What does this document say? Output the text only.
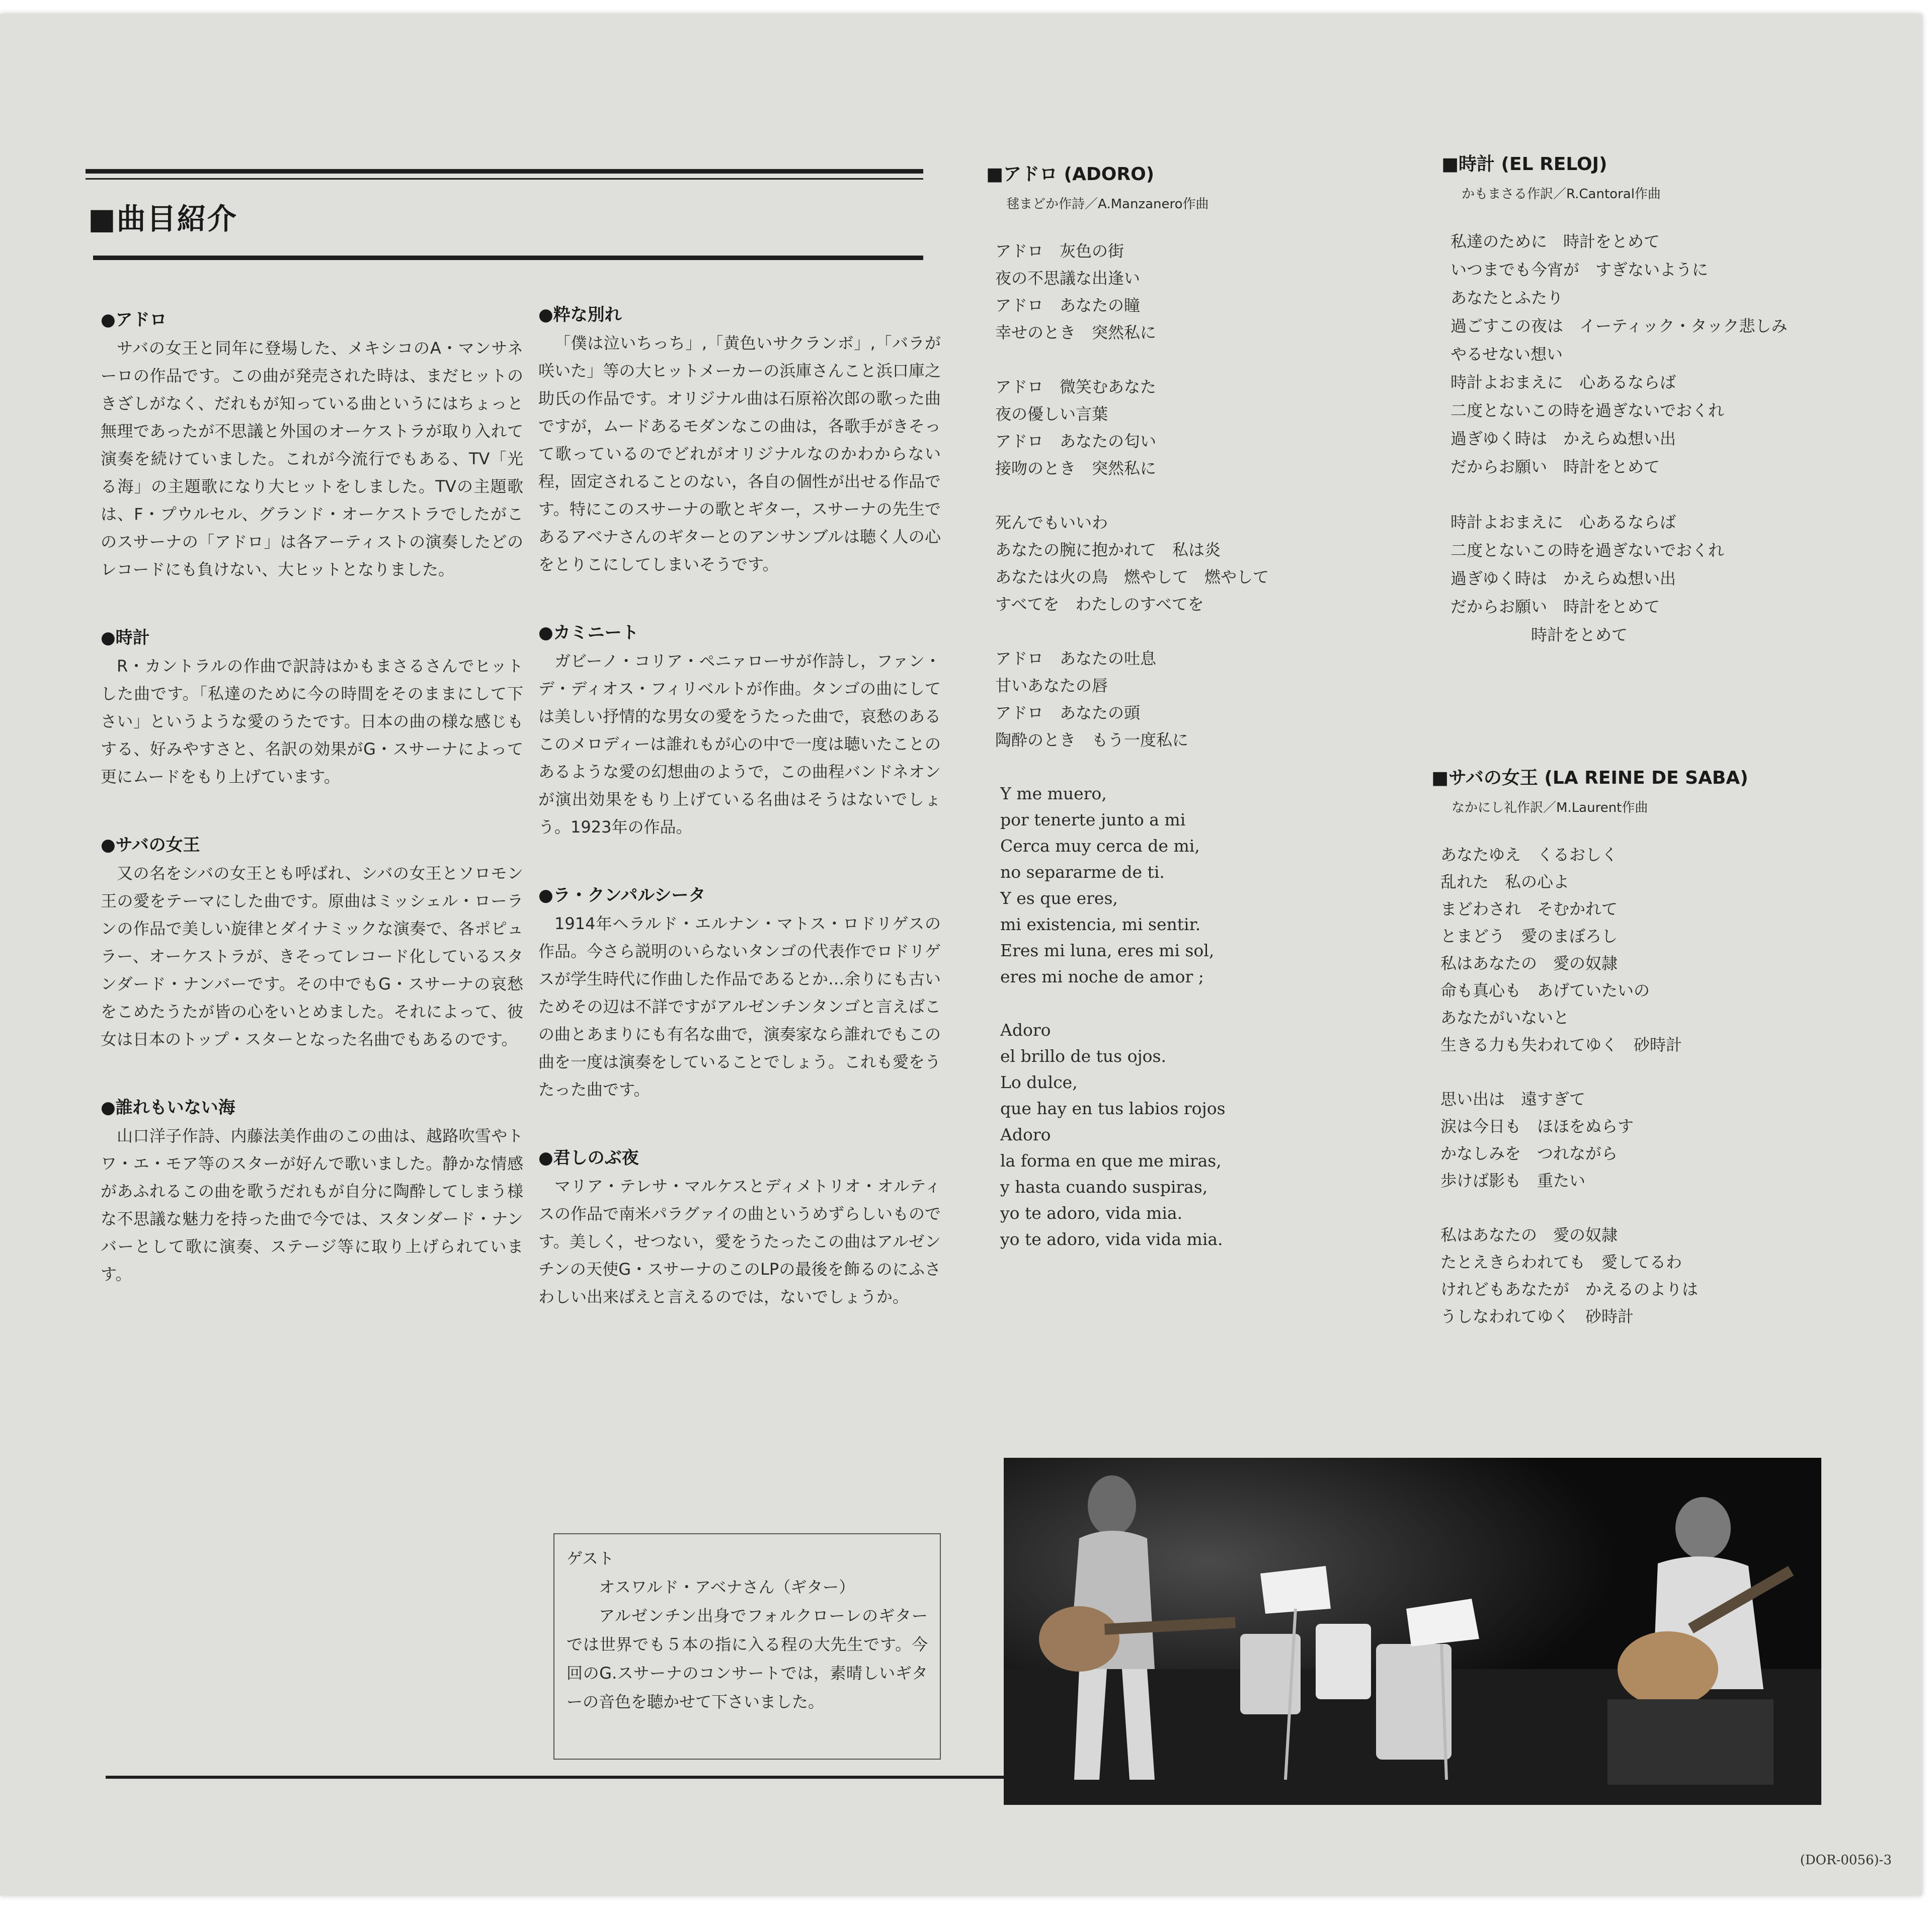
■曲目紹介
●アドロ
サバの女王と同年に登場した、メキシコのA・マンサネーロの作品です。この曲が発売された時は、まだヒットのきざしがなく、だれもが知っている曲というにはちょっと無理であったが不思議と外国のオーケストラが取り入れて演奏を続けていました。これが今流行でもある、TV「光る海」の主題歌になり大ヒットをしました。TVの主題歌は、F・プウルセル、グランド・オーケストラでしたがこのスサーナの「アドロ」は各アーティストの演奏したどのレコードにも負けない、大ヒットとなりました。
●時計
R・カントラルの作曲で訳詩はかもまさるさんでヒットした曲です。「私達のために今の時間をそのままにして下さい」というような愛のうたです。日本の曲の様な感じもする、好みやすさと、名訳の効果がG・スサーナによって更にムードをもり上げています。
●サバの女王
又の名をシバの女王とも呼ばれ、シバの女王とソロモン王の愛をテーマにした曲です。原曲はミッシェル・ローランの作品で美しい旋律とダイナミックな演奏で、各ポピュラー、オーケストラが、きそってレコード化しているスタンダード・ナンバーです。その中でもG・スサーナの哀愁をこめたうたが皆の心をいとめました。それによって、彼女は日本のトップ・スターとなった名曲でもあるのです。
●誰れもいない海
山口洋子作詩、内藤法美作曲のこの曲は、越路吹雪やトワ・エ・モア等のスターが好んで歌いました。静かな情感があふれるこの曲を歌うだれもが自分に陶酔してしまう様な不思議な魅力を持った曲で今では、スタンダード・ナンバーとして歌に演奏、ステージ等に取り上げられています。
●粋な別れ
「僕は泣いちっち」,「黄色いサクランボ」,「バラが咲いた」等の大ヒットメーカーの浜庫さんこと浜口庫之助氏の作品です。オリジナル曲は石原裕次郎の歌った曲ですが，ムードあるモダンなこの曲は，各歌手がきそって歌っているのでどれがオリジナルなのかわからない程，固定されることのない，各自の個性が出せる作品です。特にこのスサーナの歌とギター，スサーナの先生であるアベナさんのギターとのアンサンブルは聴く人の心をとりこにしてしまいそうです。
●カミニート
ガビーノ・コリア・ペニァローサが作詩し，ファン・デ・ディオス・フィリベルトが作曲。タンゴの曲にしては美しい抒情的な男女の愛をうたった曲で，哀愁のあるこのメロディーは誰れもが心の中で一度は聴いたことのあるような愛の幻想曲のようで，この曲程バンドネオンが演出効果をもり上げている名曲はそうはないでしょう。1923年の作品。
●ラ・クンパルシータ
1914年ヘラルド・エルナン・マトス・ロドリゲスの作品。今さら説明のいらないタンゴの代表作でロドリゲスが学生時代に作曲した作品であるとか…余りにも古いためその辺は不詳ですがアルゼンチンタンゴと言えばこの曲とあまりにも有名な曲で，演奏家なら誰れでもこの曲を一度は演奏をしていることでしょう。これも愛をうたった曲です。
●君しのぶ夜
マリア・テレサ・マルケスとディメトリオ・オルティスの作品で南米パラグァイの曲というめずらしいものです。美しく，せつない，愛をうたったこの曲はアルゼンチンの天使G・スサーナのこのLPの最後を飾るのにふさわしい出来ばえと言えるのでは，ないでしょうか。
ゲスト
オスワルド・アベナさん（ギター）
アルゼンチン出身でフォルクローレのギターでは世界でも５本の指に入る程の大先生です。今回のG.スサーナのコンサートでは，素晴しいギターの音色を聴かせて下さいました。
■アドロ (ADORO)
毬まどか作詩／A.Manzanero作曲
アドロ　灰色の街
夜の不思議な出逢い
アドロ　あなたの瞳
幸せのとき　突然私に
アドロ　微笑むあなた
夜の優しい言葉
アドロ　あなたの匂い
接吻のとき　突然私に
死んでもいいわ
あなたの腕に抱かれて　私は炎
あなたは火の鳥　燃やして　燃やして
すべてを　わたしのすべてを
アドロ　あなたの吐息
甘いあなたの唇
アドロ　あなたの頭
陶酔のとき　もう一度私に
Y me muero,
por tenerte junto a mi
Cerca muy cerca de mi,
no separarme de ti.
Y es que eres,
mi existencia, mi sentir.
Eres mi luna, eres mi sol,
eres mi noche de amor ;
Adoro
el brillo de tus ojos.
Lo dulce,
que hay en tus labios rojos
Adoro
la forma en que me miras,
y hasta cuando suspiras,
yo te adoro, vida mia.
yo te adoro, vida vida mia.
■時計 (EL RELOJ)
かもまさる作訳／R.Cantoral作曲
私達のために　時計をとめて
いつまでも今宵が　すぎないように
あなたとふたり
過ごすこの夜は　イーティック・タック悲しみ
やるせない想い
時計よおまえに　心あるならば
二度とないこの時を過ぎないでおくれ
過ぎゆく時は　かえらぬ想い出
だからお願い　時計をとめて
時計よおまえに　心あるならば
二度とないこの時を過ぎないでおくれ
過ぎゆく時は　かえらぬ想い出
だからお願い　時計をとめて
　　　　　時計をとめて
■サバの女王 (LA REINE DE SABA)
なかにし礼作訳／M.Laurent作曲
あなたゆえ　くるおしく
乱れた　私の心よ
まどわされ　そむかれて
とまどう　愛のまぼろし
私はあなたの　愛の奴隷
命も真心も　あげていたいの
あなたがいないと
生きる力も失われてゆく　砂時計
思い出は　遠すぎて
涙は今日も　ほほをぬらす
かなしみを　つれながら
歩けば影も　重たい
私はあなたの　愛の奴隷
たとえきらわれても　愛してるわ
けれどもあなたが　かえるのよりは
うしなわれてゆく　砂時計
(DOR-0056)-3
